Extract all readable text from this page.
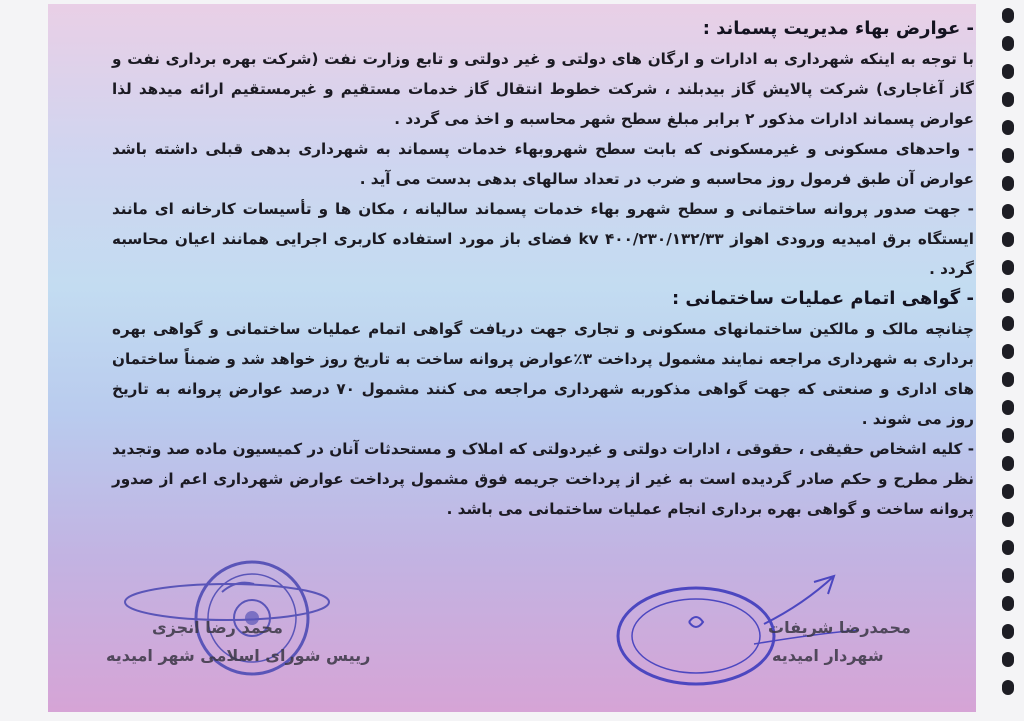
- عوارض بهاء مدیریت پسماند :

با توجه به اینکه شهرداری به ادارات و ارگان های دولتی و غیر دولتی و تابع وزارت نفت (شرکت بهره برداری نفت و گاز آغاجاری) شرکت پالایش گاز بیدبلند ، شرکت خطوط انتقال گاز خدمات مستقیم و غیرمستقیم ارائه میدهد لذا عوارض پسماند ادارات مذکور ۲ برابر مبلغ سطح شهر محاسبه و اخذ می گردد .

- واحدهای مسکونی و غیرمسکونی که بابت سطح شهروبهاء خدمات پسماند به شهرداری بدهی قبلی داشته باشد عوارض آن طبق فرمول روز محاسبه و ضرب در تعداد سالهای بدهی بدست می آید .

- جهت صدور پروانه ساختمانی و سطح شهرو بهاء خدمات پسماند سالیانه ، مکان ها و تأسیسات کارخانه ای مانند ایستگاه برق امیدیه ورودی اهواز kv ۴۰۰/۲۳۰/۱۳۲/۳۳ فضای باز مورد استفاده کاربری اجرایی همانند اعیان محاسبه گردد .

- گواهی اتمام عملیات ساختمانی :

چنانچه مالک و مالکین ساختمانهای مسکونی و تجاری جهت دریافت گواهی اتمام عملیات ساختمانی و گواهی بهره برداری به شهرداری مراجعه نمایند مشمول پرداخت ۳٪عوارض پروانه ساخت به تاریخ روز خواهد شد و ضمناً ساختمان های اداری و صنعتی که جهت گواهی مذکوربه شهرداری مراجعه می کنند مشمول ۷۰ درصد عوارض پروانه به تاریخ روز می شوند .

- کلیه اشخاص حقیقی ، حقوقی ، ادارات دولتی و غیردولتی که املاک و مستحدثات آنان در کمیسیون ماده صد وتجدید نظر مطرح و حکم صادر گردیده است به غیر از پرداخت جریمه فوق مشمول پرداخت عوارض شهرداری اعم از صدور پروانه ساخت و گواهی بهره برداری انجام عملیات ساختمانی می باشد .

محمد رضا انجزی
رییس شورای اسلامی شهر امیدیه
محمدرضا شریفات
شهردار امیدیه
